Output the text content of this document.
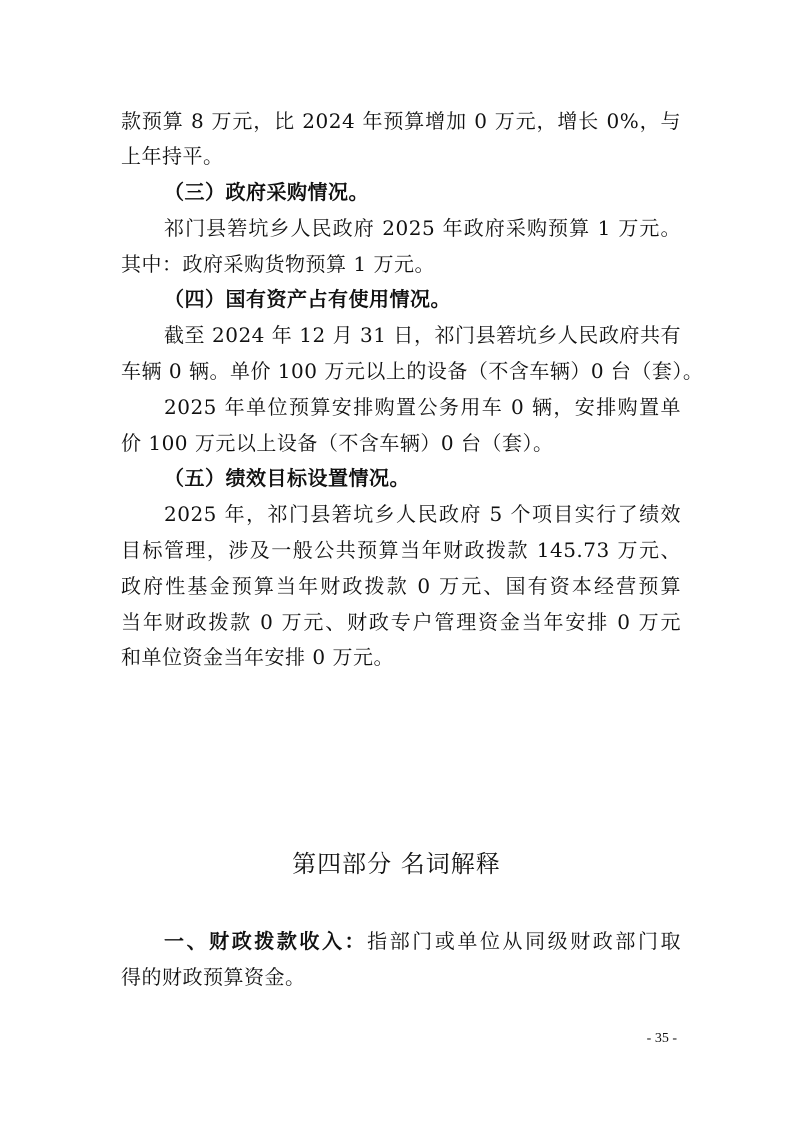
款预算 8 万元，比 2024 年预算增加 0 万元，增长 0%，与
上年持平。
（三）政府采购情况。
祁门县箬坑乡人民政府 2025 年政府采购预算 1 万元。
其中：政府采购货物预算 1 万元。
（四）国有资产占有使用情况。
截至 2024 年 12 月 31 日，祁门县箬坑乡人民政府共有
车辆 0 辆。单价 100 万元以上的设备（不含车辆）0 台（套）。
2025 年单位预算安排购置公务用车 0 辆，安排购置单
价 100 万元以上设备（不含车辆）0 台（套）。
（五）绩效目标设置情况。
2025 年，祁门县箬坑乡人民政府 5 个项目实行了绩效
目标管理，涉及一般公共预算当年财政拨款 145.73 万元、
政府性基金预算当年财政拨款 0 万元、国有资本经营预算
当年财政拨款 0 万元、财政专户管理资金当年安排 0 万元
和单位资金当年安排 0 万元。
第四部分 名词解释
一、财政拨款收入：指部门或单位从同级财政部门取
得的财政预算资金。
- 35 -
